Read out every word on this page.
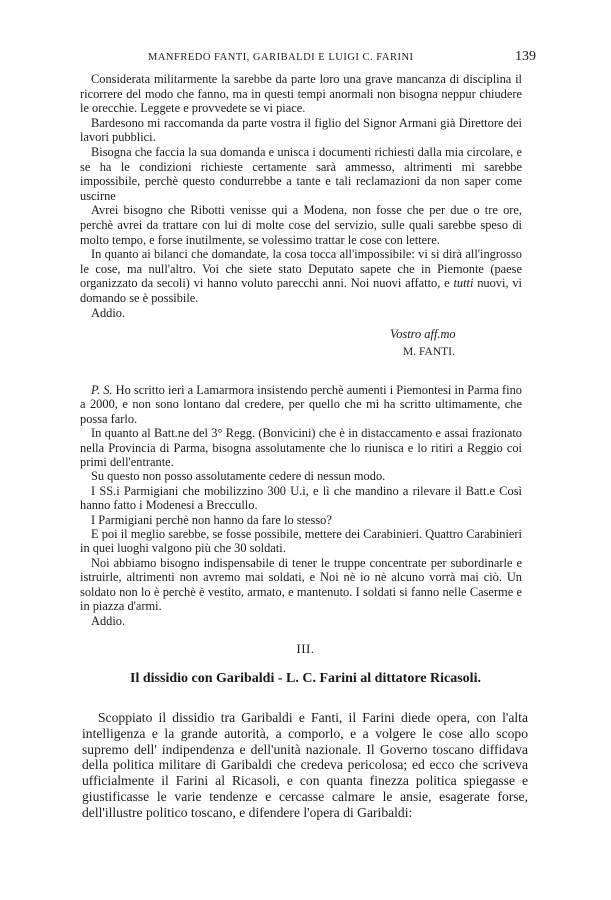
MANFREDO FANTI, GARIBALDI E LUIGI C. FARINI	139

Considerata militarmente la sarebbe da parte loro una grave mancanza di disciplina il ricorrere del modo che fanno, ma in questi tempi anormali non bisogna neppur chiudere le orecchie. Leggete e provvedete se vi piace.

Bardesono mi raccomanda da parte vostra il figlio del Signor Armani già Direttore dei lavori pubblici.

Bisogna che faccia la sua domanda e unisca i documenti richiesti dalla mia circolare, e se ha le condizioni richieste certamente sarà ammesso, altrimenti mi sarebbe impossibile, perchè questo condurrebbe a tante e tali reclamazioni da non saper come uscirne

Avrei bisogno che Ribotti venisse qui a Modena, non fosse che per due o tre ore, perchè avrei da trattare con lui di molte cose del servizio, sulle quali sarebbe speso di molto tempo, e forse inutilmente, se volessimo trattar le cose con lettere.

In quanto ai bilanci che domandate, la cosa tocca all'impossibile: vi si dirà all'ingrosso le cose, ma null'altro. Voi che siete stato Deputato sapete che in Piemonte (paese organizzato da secoli) vi hanno voluto parecchi anni. Noi nuovi affatto, e tutti nuovi, vi domando se è possibile.

Addio.

Vostro aff.mo
M. FANTI.

P. S. Ho scritto ieri a Lamarmora insistendo perchè aumenti i Piemontesi in Parma fino a 2000, e non sono lontano dal credere, per quello che mi ha scritto ultimamente, che possa farlo.

In quanto al Batt.ne del 3° Regg. (Bonvicini) che è in distaccamento e assai frazionato nella Provincia di Parma, bisogna assolutamente che lo riunisca e lo ritiri a Reggio coi primi dell'entrante.

Su questo non posso assolutamente cedere di nessun modo.

I SS.i Parmigiani che mobilizzino 300 U.i, e lì che mandino a rilevare il Batt.e Così hanno fatto i Modenesi a Breccullo.

I Parmigiani perchè non hanno da fare lo stesso?

E poi il meglio sarebbe, se fosse possibile, mettere dei Carabinieri. Quattro Carabinieri in quei luoghi valgono più che 30 soldati.

Noi abbiamo bisogno indispensabile di tener le truppe concentrate per subordinarle e istruirle, altrimenti non avremo mai soldati, e Noi nè io nè alcuno vorrà mai ciò. Un soldato non lo è perchè è vestito, armato, e mantenuto. I soldati si fanno nelle Caserme e in piazza d'armi.

Addio.

III.
Il dissidio con Garibaldi - L. C. Farini al dittatore Ricasoli.

Scoppiato il dissidio tra Garibaldi e Fanti, il Farini diede opera, con l'alta intelligenza e la grande autorità, a comporlo, e a volgere le cose allo scopo supremo dell' indipendenza e dell'unità nazionale. Il Governo toscano diffidava della politica militare di Garibaldi che credeva pericolosa; ed ecco che scriveva ufficialmente il Farini al Ricasoli, e con quanta finezza politica spiegasse e giustificasse le varie tendenze e cercasse calmare le ansie, esagerate forse, dell'illustre politico toscano, e difendere l'opera di Garibaldi:
